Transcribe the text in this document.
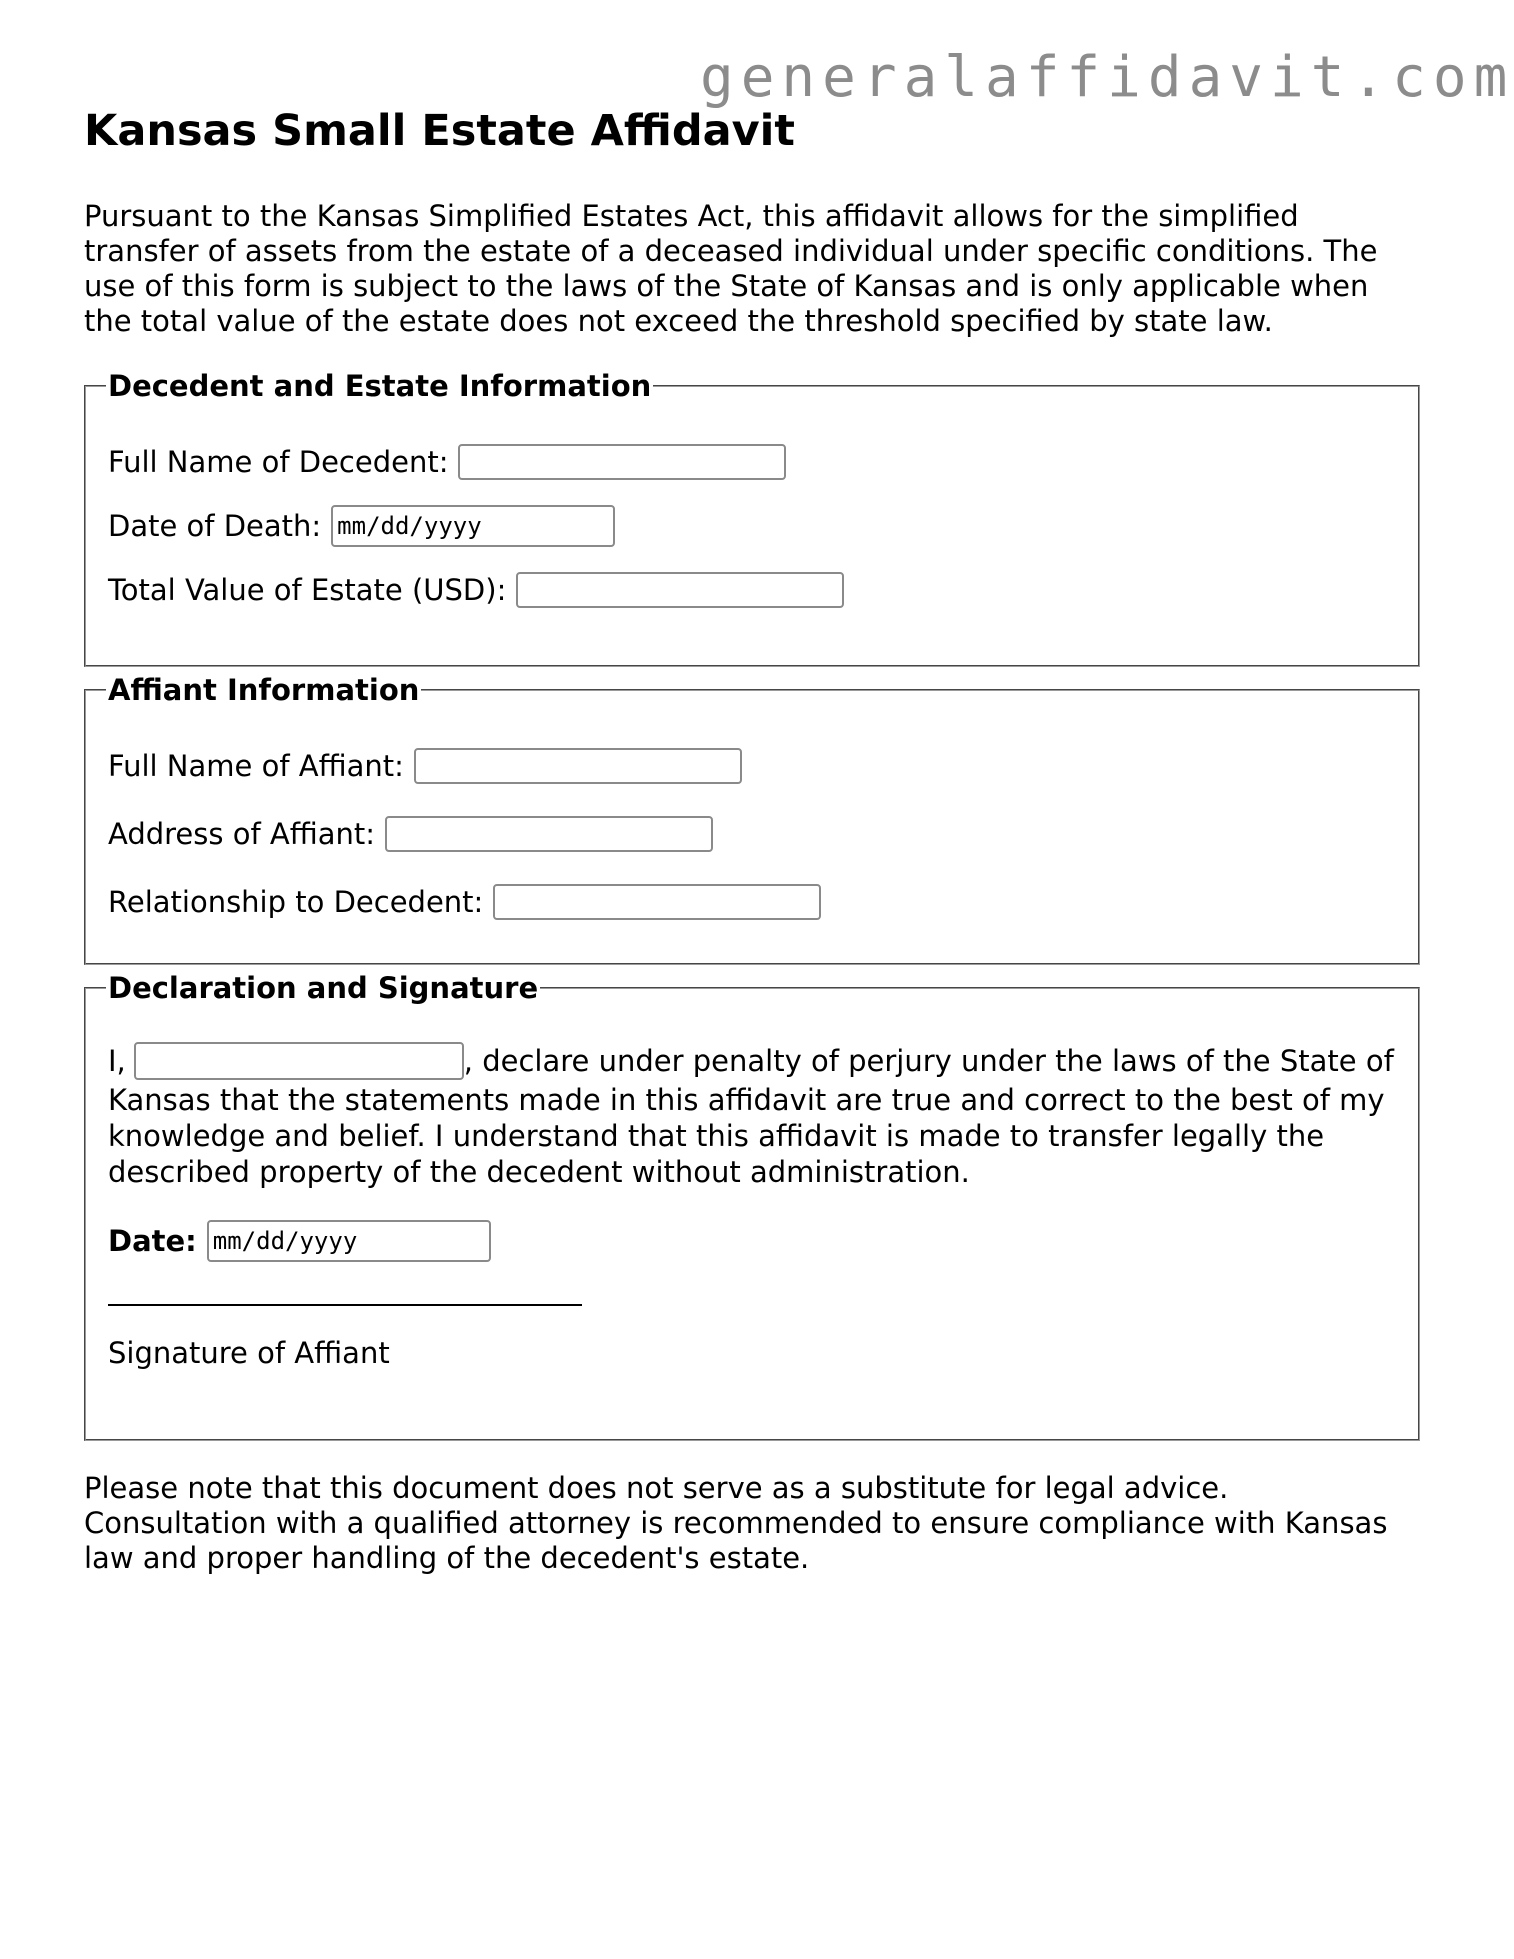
generalaffidavit.com
Kansas Small Estate Affidavit

Pursuant to the Kansas Simplified Estates Act, this affidavit allows for the simplified transfer of assets from the estate of a deceased individual under specific conditions. The use of this form is subject to the laws of the State of Kansas and is only applicable when the total value of the estate does not exceed the threshold specified by state law.

Decedent and Estate Information
Full Name of Decedent:
Date of Death: mm/dd/yyyy
Total Value of Estate (USD):
Affiant Information
Full Name of Affiant:
Address of Affiant:
Relationship to Decedent:
Declaration and Signature
I,	, declare under penalty of perjury under the laws of the State of Kansas that the statements made in this affidavit are true and correct to the best of my knowledge and belief. I understand that this affidavit is made to transfer legally the described property of the decedent without administration.
Date: mm/dd/yyyy
Signature of Affiant

Please note that this document does not serve as a substitute for legal advice. Consultation with a qualified attorney is recommended to ensure compliance with Kansas law and proper handling of the decedent's estate.
